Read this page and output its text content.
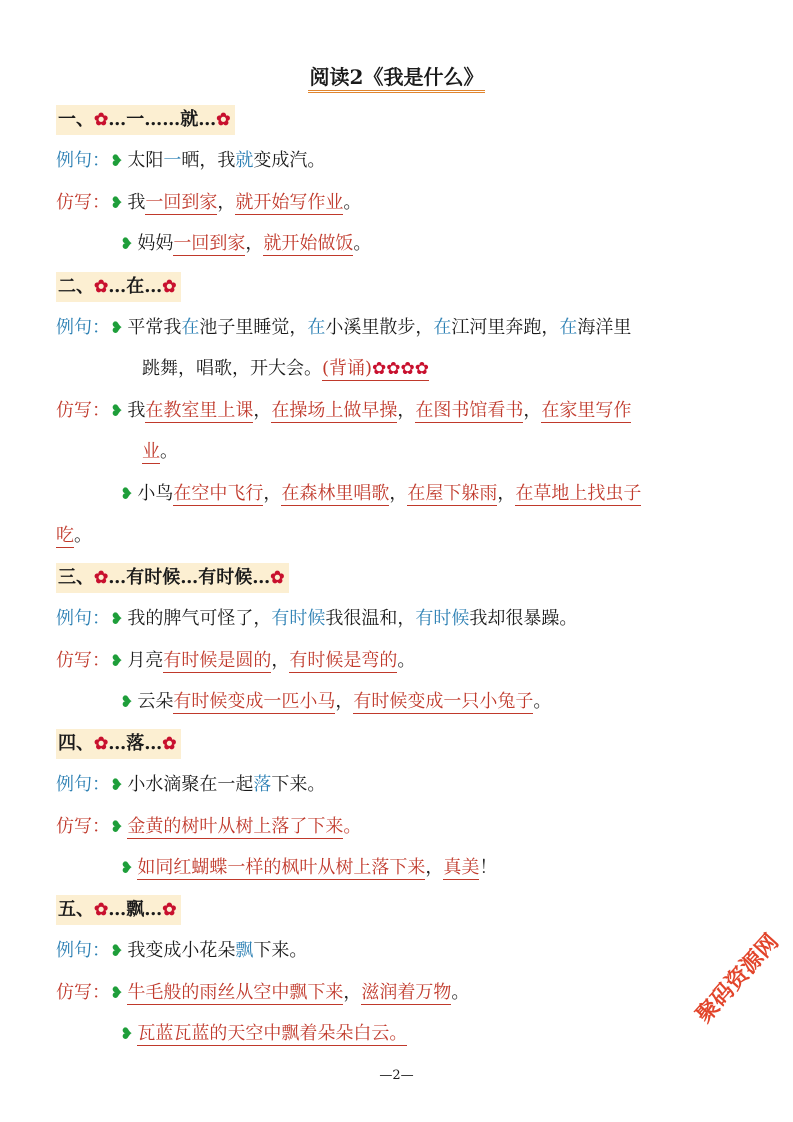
阅读2《我是什么》
一、✿…一……就…✿
例句：❥ 太阳一晒，我就变成汽。
仿写：❥ 我一回到家，就开始写作业。
❥ 妈妈一回到家，就开始做饭。
二、✿…在…✿
例句：❥ 平常我在池子里睡觉，在小溪里散步，在江河里奔跑，在海洋里
跳舞，唱歌，开大会。(背诵)✿✿✿✿
仿写：❥ 我在教室里上课，在操场上做早操，在图书馆看书，在家里写作
业。
❥ 小鸟在空中飞行，在森林里唱歌，在屋下躲雨，在草地上找虫子
吃。
三、✿…有时候…有时候…✿
例句：❥ 我的脾气可怪了，有时候我很温和，有时候我却很暴躁。
仿写：❥ 月亮有时候是圆的，有时候是弯的。
❥ 云朵有时候变成一匹小马，有时候变成一只小兔子。
四、✿…落…✿
例句：❥ 小水滴聚在一起落下来。
仿写：❥ 金黄的树叶从树上落了下来。
❥ 如同红蝴蝶一样的枫叶从树上落下来，真美！
五、✿…飘…✿
例句：❥ 我变成小花朵飘下来。
仿写：❥ 牛毛般的雨丝从空中飘下来，滋润着万物。
❥ 瓦蓝瓦蓝的天空中飘着朵朵白云。
—2—
聚码资源网
